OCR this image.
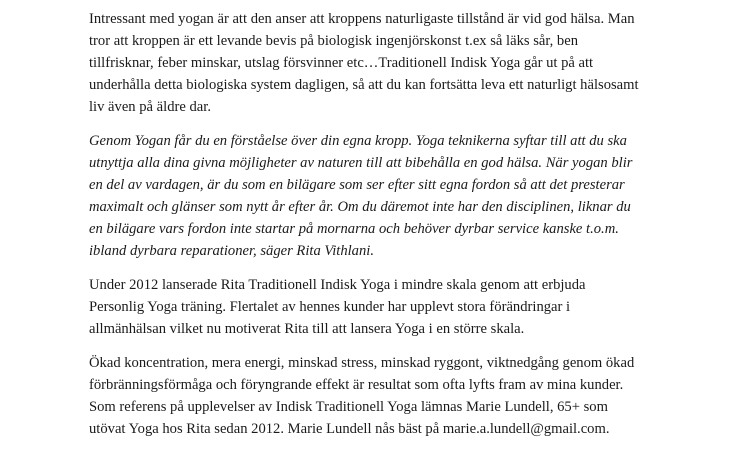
Intressant med yogan är att den anser att kroppens naturligaste tillstånd är vid god hälsa. Man
tror att kroppen är ett levande bevis på biologisk ingenjörskonst t.ex så läks sår, ben
tillfrisknar, feber minskar, utslag försvinner etc…Traditionell Indisk Yoga går ut på att
underhålla detta biologiska system dagligen, så att du kan fortsätta leva ett naturligt hälsosamt
liv även på äldre dar.

Genom Yogan får du en förståelse över din egna kropp. Yoga teknikerna syftar till att du ska
utnyttja alla dina givna möjligheter av naturen till att bibehålla en god hälsa. När yogan blir
en del av vardagen, är du som en bilägare som ser efter sitt egna fordon så att det presterar
maximalt och glänser som nytt år efter år. Om du däremot inte har den disciplinen, liknar du
en bilägare vars fordon inte startar på mornarna och behöver dyrbar service kanske t.o.m.
ibland dyrbara reparationer, säger Rita Vithlani.

Under 2012 lanserade Rita Traditionell Indisk Yoga i mindre skala genom att erbjuda
Personlig Yoga träning. Flertalet av hennes kunder har upplevt stora förändringar i
allmänhälsan vilket nu motiverat Rita till att lansera Yoga i en större skala.

Ökad koncentration, mera energi, minskad stress, minskad ryggont, viktnedgång genom ökad
förbränningsförmåga och föryngrande effekt är resultat som ofta lyfts fram av mina kunder.
Som referens på upplevelser av Indisk Traditionell Yoga lämnas Marie Lundell, 65+ som
utövat Yoga hos Rita sedan 2012. Marie Lundell nås bäst på marie.a.lundell@gmail.com.
